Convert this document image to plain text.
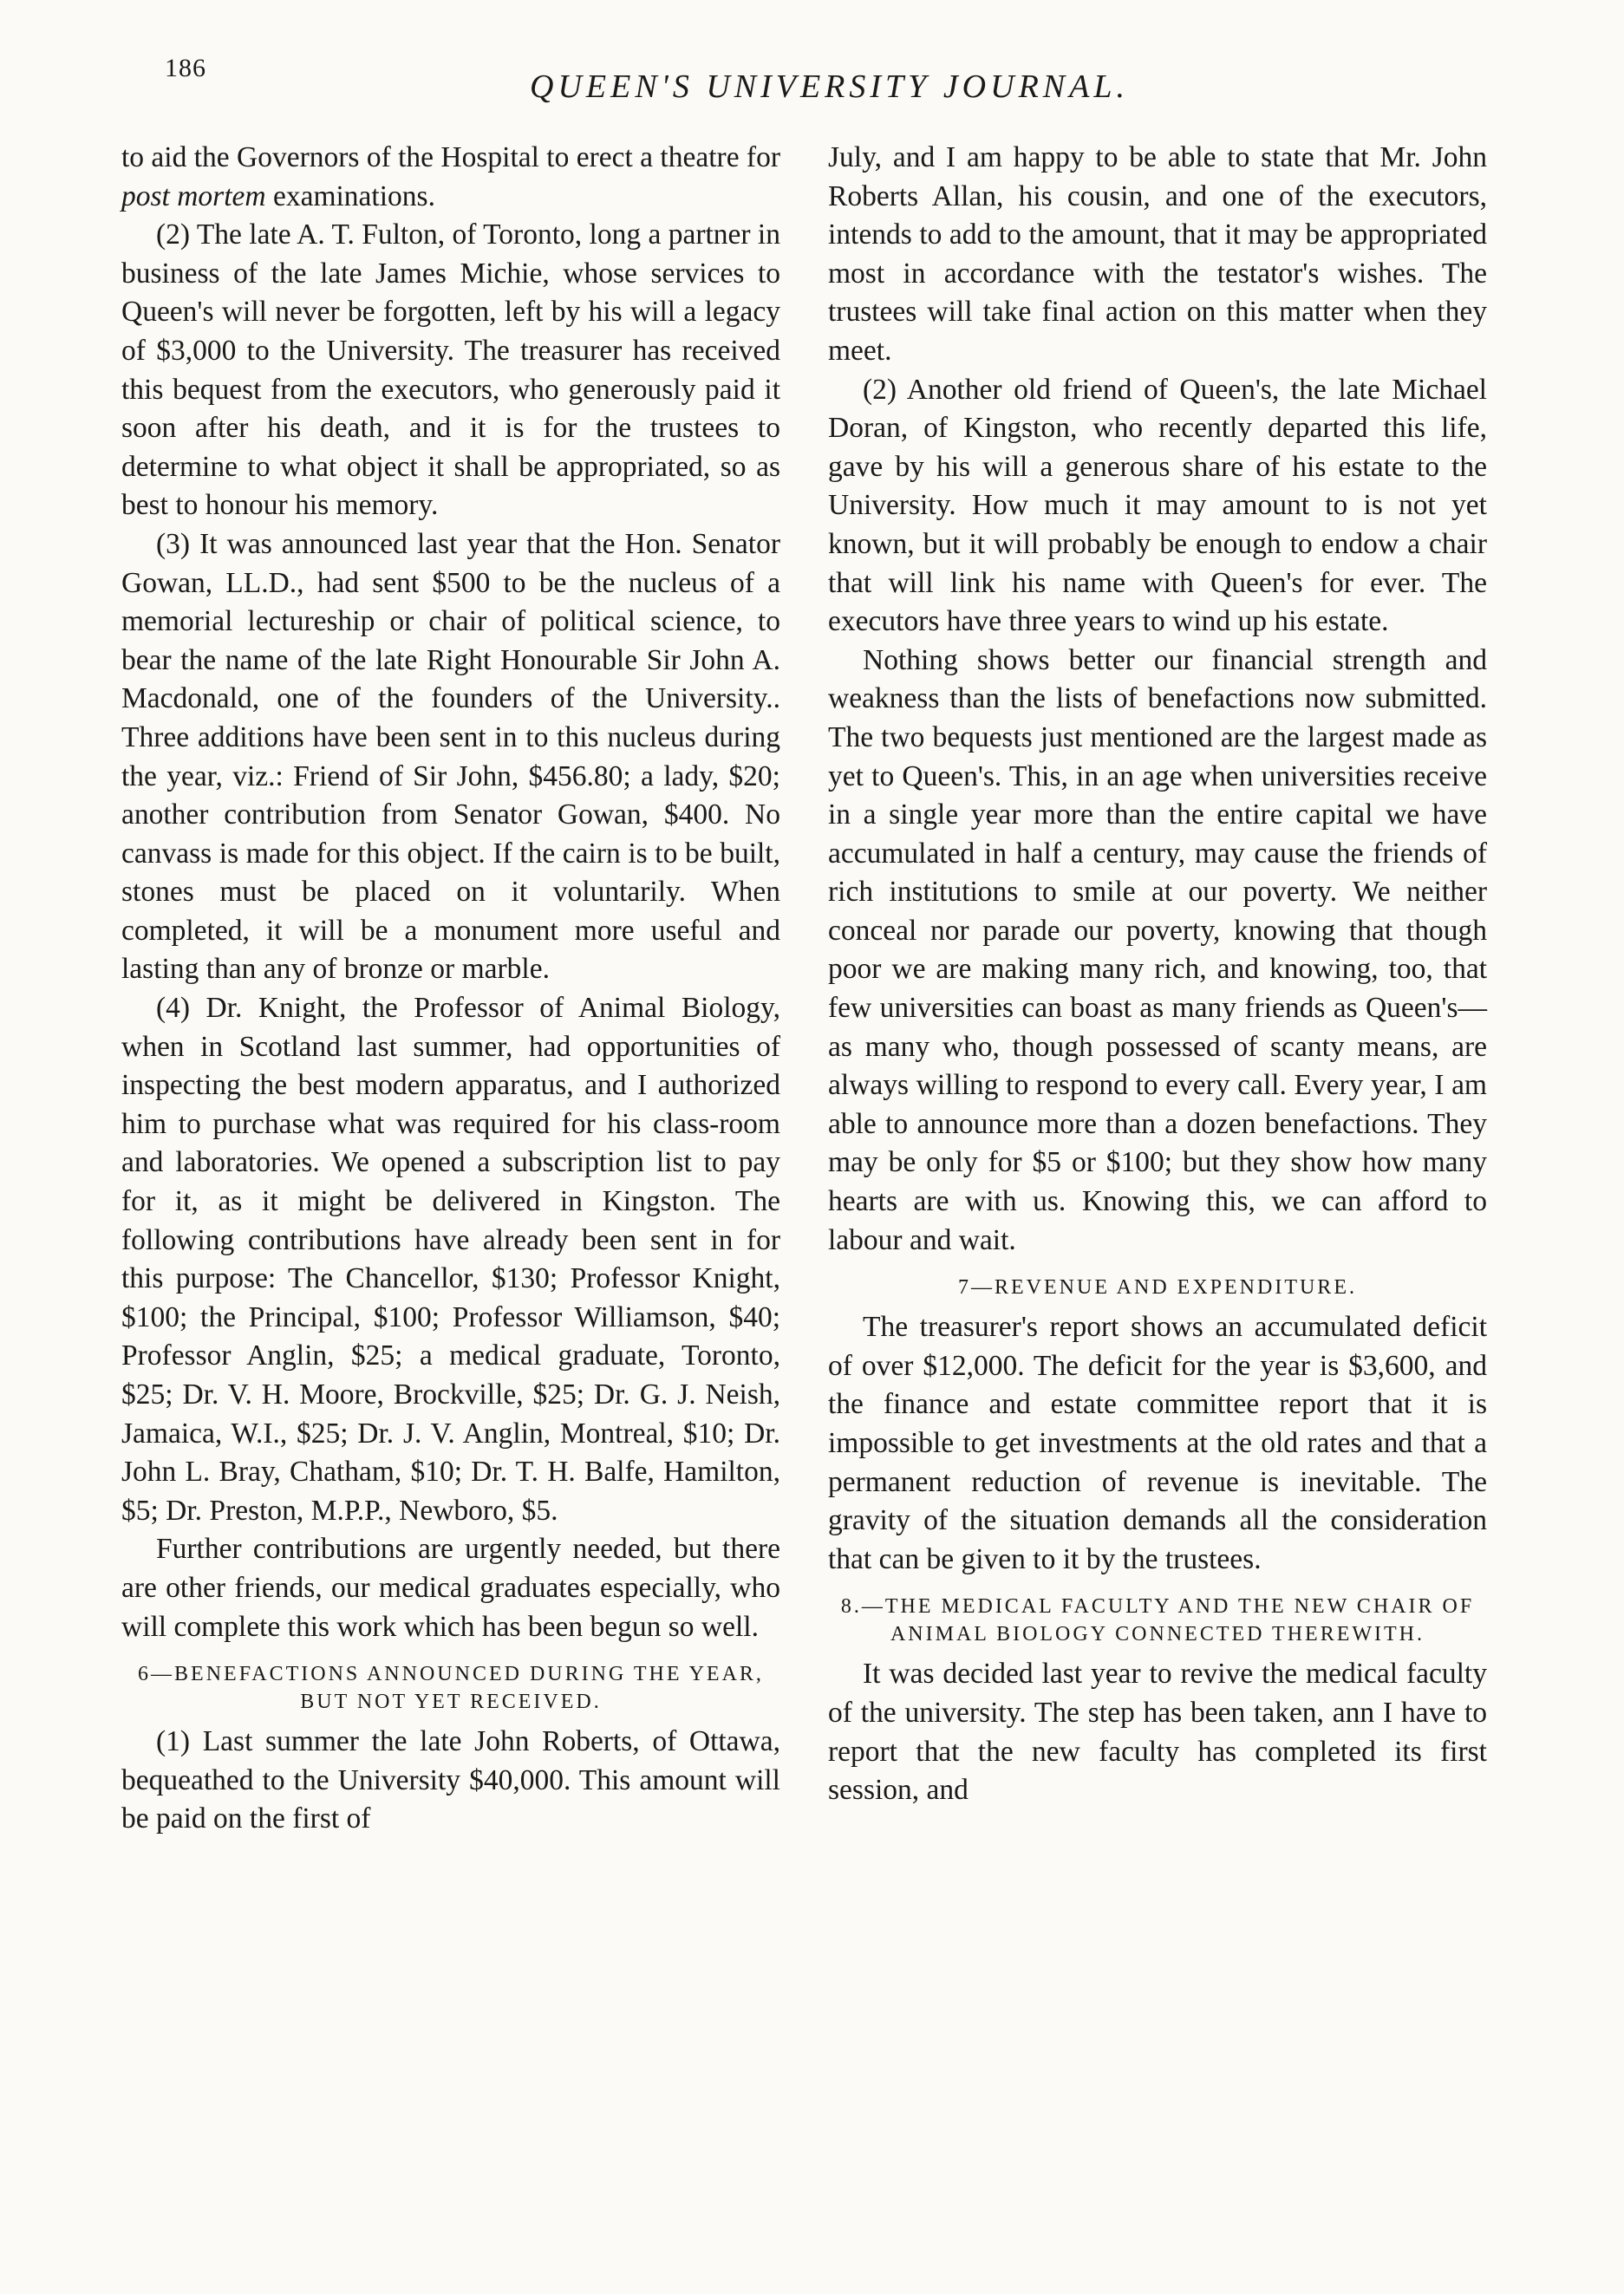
186
QUEEN'S UNIVERSITY JOURNAL.

to aid the Governors of the Hospital to erect a theatre for post mortem examinations.

(2) The late A. T. Fulton, of Toronto, long a partner in business of the late James Michie, whose services to Queen's will never be forgotten, left by his will a legacy of $3,000 to the University. The treasurer has received this bequest from the executors, who generously paid it soon after his death, and it is for the trustees to determine to what object it shall be appropriated, so as best to honour his memory.

(3) It was announced last year that the Hon. Senator Gowan, LL.D., had sent $500 to be the nucleus of a memorial lectureship or chair of political science, to bear the name of the late Right Honourable Sir John A. Macdonald, one of the founders of the University.. Three additions have been sent in to this nucleus during the year, viz.: Friend of Sir John, $456.80; a lady, $20; another contribution from Senator Gowan, $400. No canvass is made for this object. If the cairn is to be built, stones must be placed on it voluntarily. When completed, it will be a monument more useful and lasting than any of bronze or marble.

(4) Dr. Knight, the Professor of Animal Biology, when in Scotland last summer, had opportunities of inspecting the best modern apparatus, and I authorized him to purchase what was required for his class-room and laboratories. We opened a subscription list to pay for it, as it might be delivered in Kingston. The following contributions have already been sent in for this purpose: The Chancellor, $130; Professor Knight, $100; the Principal, $100; Professor Williamson, $40; Professor Anglin, $25; a medical graduate, Toronto, $25; Dr. V. H. Moore, Brockville, $25; Dr. G. J. Neish, Jamaica, W.I., $25; Dr. J. V. Anglin, Montreal, $10; Dr. John L. Bray, Chatham, $10; Dr. T. H. Balfe, Hamilton, $5; Dr. Preston, M.P.P., Newboro, $5.

Further contributions are urgently needed, but there are other friends, our medical graduates especially, who will complete this work which has been begun so well.

6—BENEFACTIONS ANNOUNCED DURING THE YEAR, BUT NOT YET RECEIVED.

(1) Last summer the late John Roberts, of Ottawa, bequeathed to the University $40,000. This amount will be paid on the first of

July, and I am happy to be able to state that Mr. John Roberts Allan, his cousin, and one of the executors, intends to add to the amount, that it may be appropriated most in accordance with the testator's wishes. The trustees will take final action on this matter when they meet.

(2) Another old friend of Queen's, the late Michael Doran, of Kingston, who recently departed this life, gave by his will a generous share of his estate to the University. How much it may amount to is not yet known, but it will probably be enough to endow a chair that will link his name with Queen's for ever. The executors have three years to wind up his estate.

Nothing shows better our financial strength and weakness than the lists of benefactions now submitted. The two bequests just mentioned are the largest made as yet to Queen's. This, in an age when universities receive in a single year more than the entire capital we have accumulated in half a century, may cause the friends of rich institutions to smile at our poverty. We neither conceal nor parade our poverty, knowing that though poor we are making many rich, and knowing, too, that few universities can boast as many friends as Queen's—as many who, though possessed of scanty means, are always willing to respond to every call. Every year, I am able to announce more than a dozen benefactions. They may be only for $5 or $100; but they show how many hearts are with us. Knowing this, we can afford to labour and wait.

7—REVENUE AND EXPENDITURE.

The treasurer's report shows an accumulated deficit of over $12,000. The deficit for the year is $3,600, and the finance and estate committee report that it is impossible to get investments at the old rates and that a permanent reduction of revenue is inevitable. The gravity of the situation demands all the consideration that can be given to it by the trustees.

8.—THE MEDICAL FACULTY AND THE NEW CHAIR OF ANIMAL BIOLOGY CONNECTED THEREWITH.

It was decided last year to revive the medical faculty of the university. The step has been taken, ann I have to report that the new faculty has completed its first session, and
